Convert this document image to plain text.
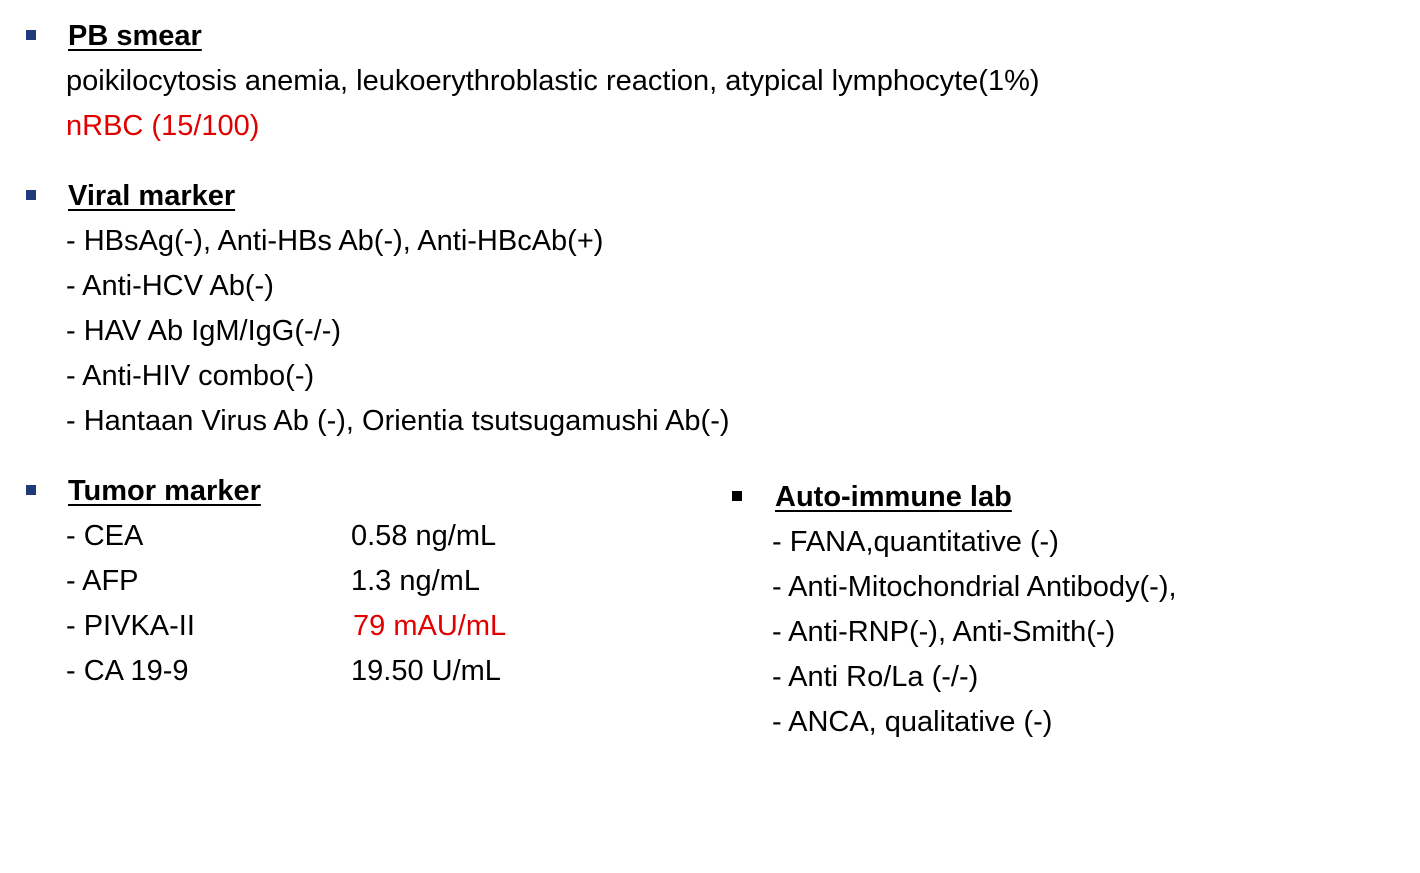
PB smear
poikilocytosis anemia, leukoerythroblastic reaction, atypical lymphocyte(1%)
nRBC (15/100)
Viral marker
- HBsAg(-), Anti-HBs Ab(-), Anti-HBcAb(+)
- Anti-HCV Ab(-)
- HAV Ab IgM/IgG(-/-)
- Anti-HIV combo(-)
- Hantaan Virus Ab (-), Orientia tsutsugamushi Ab(-)
Tumor marker
- CEA	0.58 ng/mL
- AFP	1.3 ng/mL
- PIVKA-II	79 mAU/mL
- CA 19-9	19.50 U/mL
Auto-immune lab
- FANA,quantitative (-)
- Anti-Mitochondrial Antibody(-),
- Anti-RNP(-), Anti-Smith(-)
- Anti Ro/La (-/-)
- ANCA, qualitative (-)
